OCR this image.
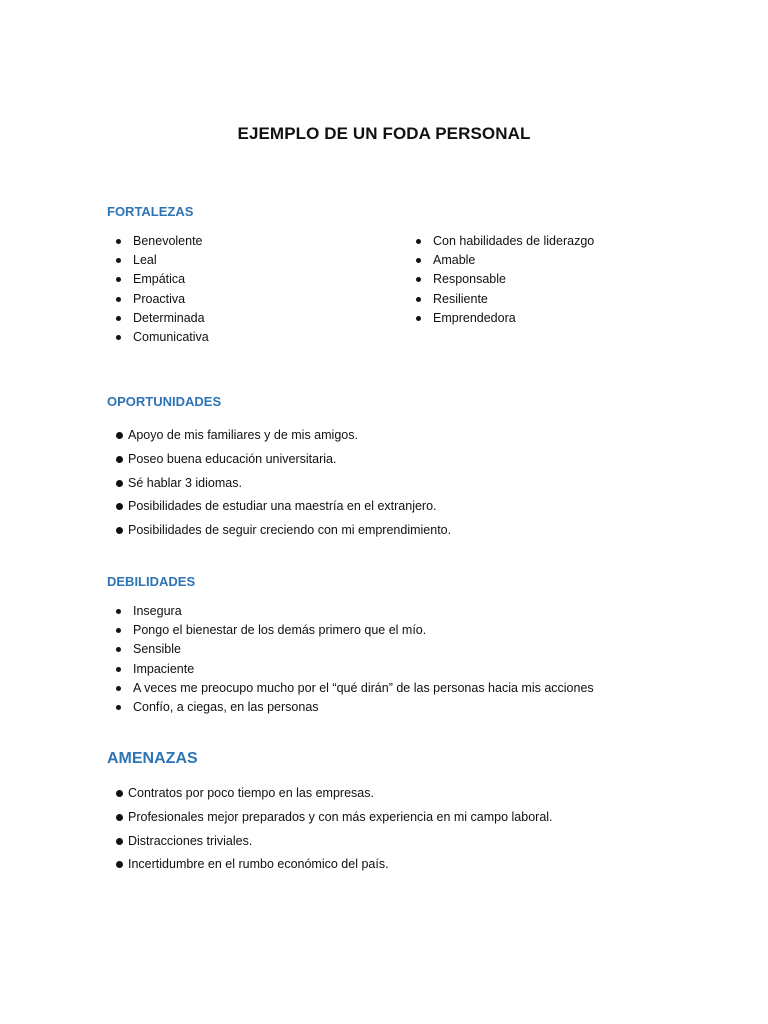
EJEMPLO DE UN FODA PERSONAL
FORTALEZAS
Benevolente
Leal
Empática
Proactiva
Determinada
Comunicativa
Con habilidades de liderazgo
Amable
Responsable
Resiliente
Emprendedora
OPORTUNIDADES
Apoyo de mis familiares y de mis amigos.
Poseo buena educación universitaria.
Sé hablar 3 idiomas.
Posibilidades de estudiar una maestría en el extranjero.
Posibilidades de seguir creciendo con mi emprendimiento.
DEBILIDADES
Insegura
Pongo el bienestar de los demás primero que el mío.
Sensible
Impaciente
A veces me preocupo mucho por el “qué dirán” de las personas hacia mis acciones
Confío, a ciegas, en las personas
AMENAZAS
Contratos por poco tiempo en las empresas.
Profesionales mejor preparados y con más experiencia en mi campo laboral.
Distracciones triviales.
Incertidumbre en el rumbo económico del país.
